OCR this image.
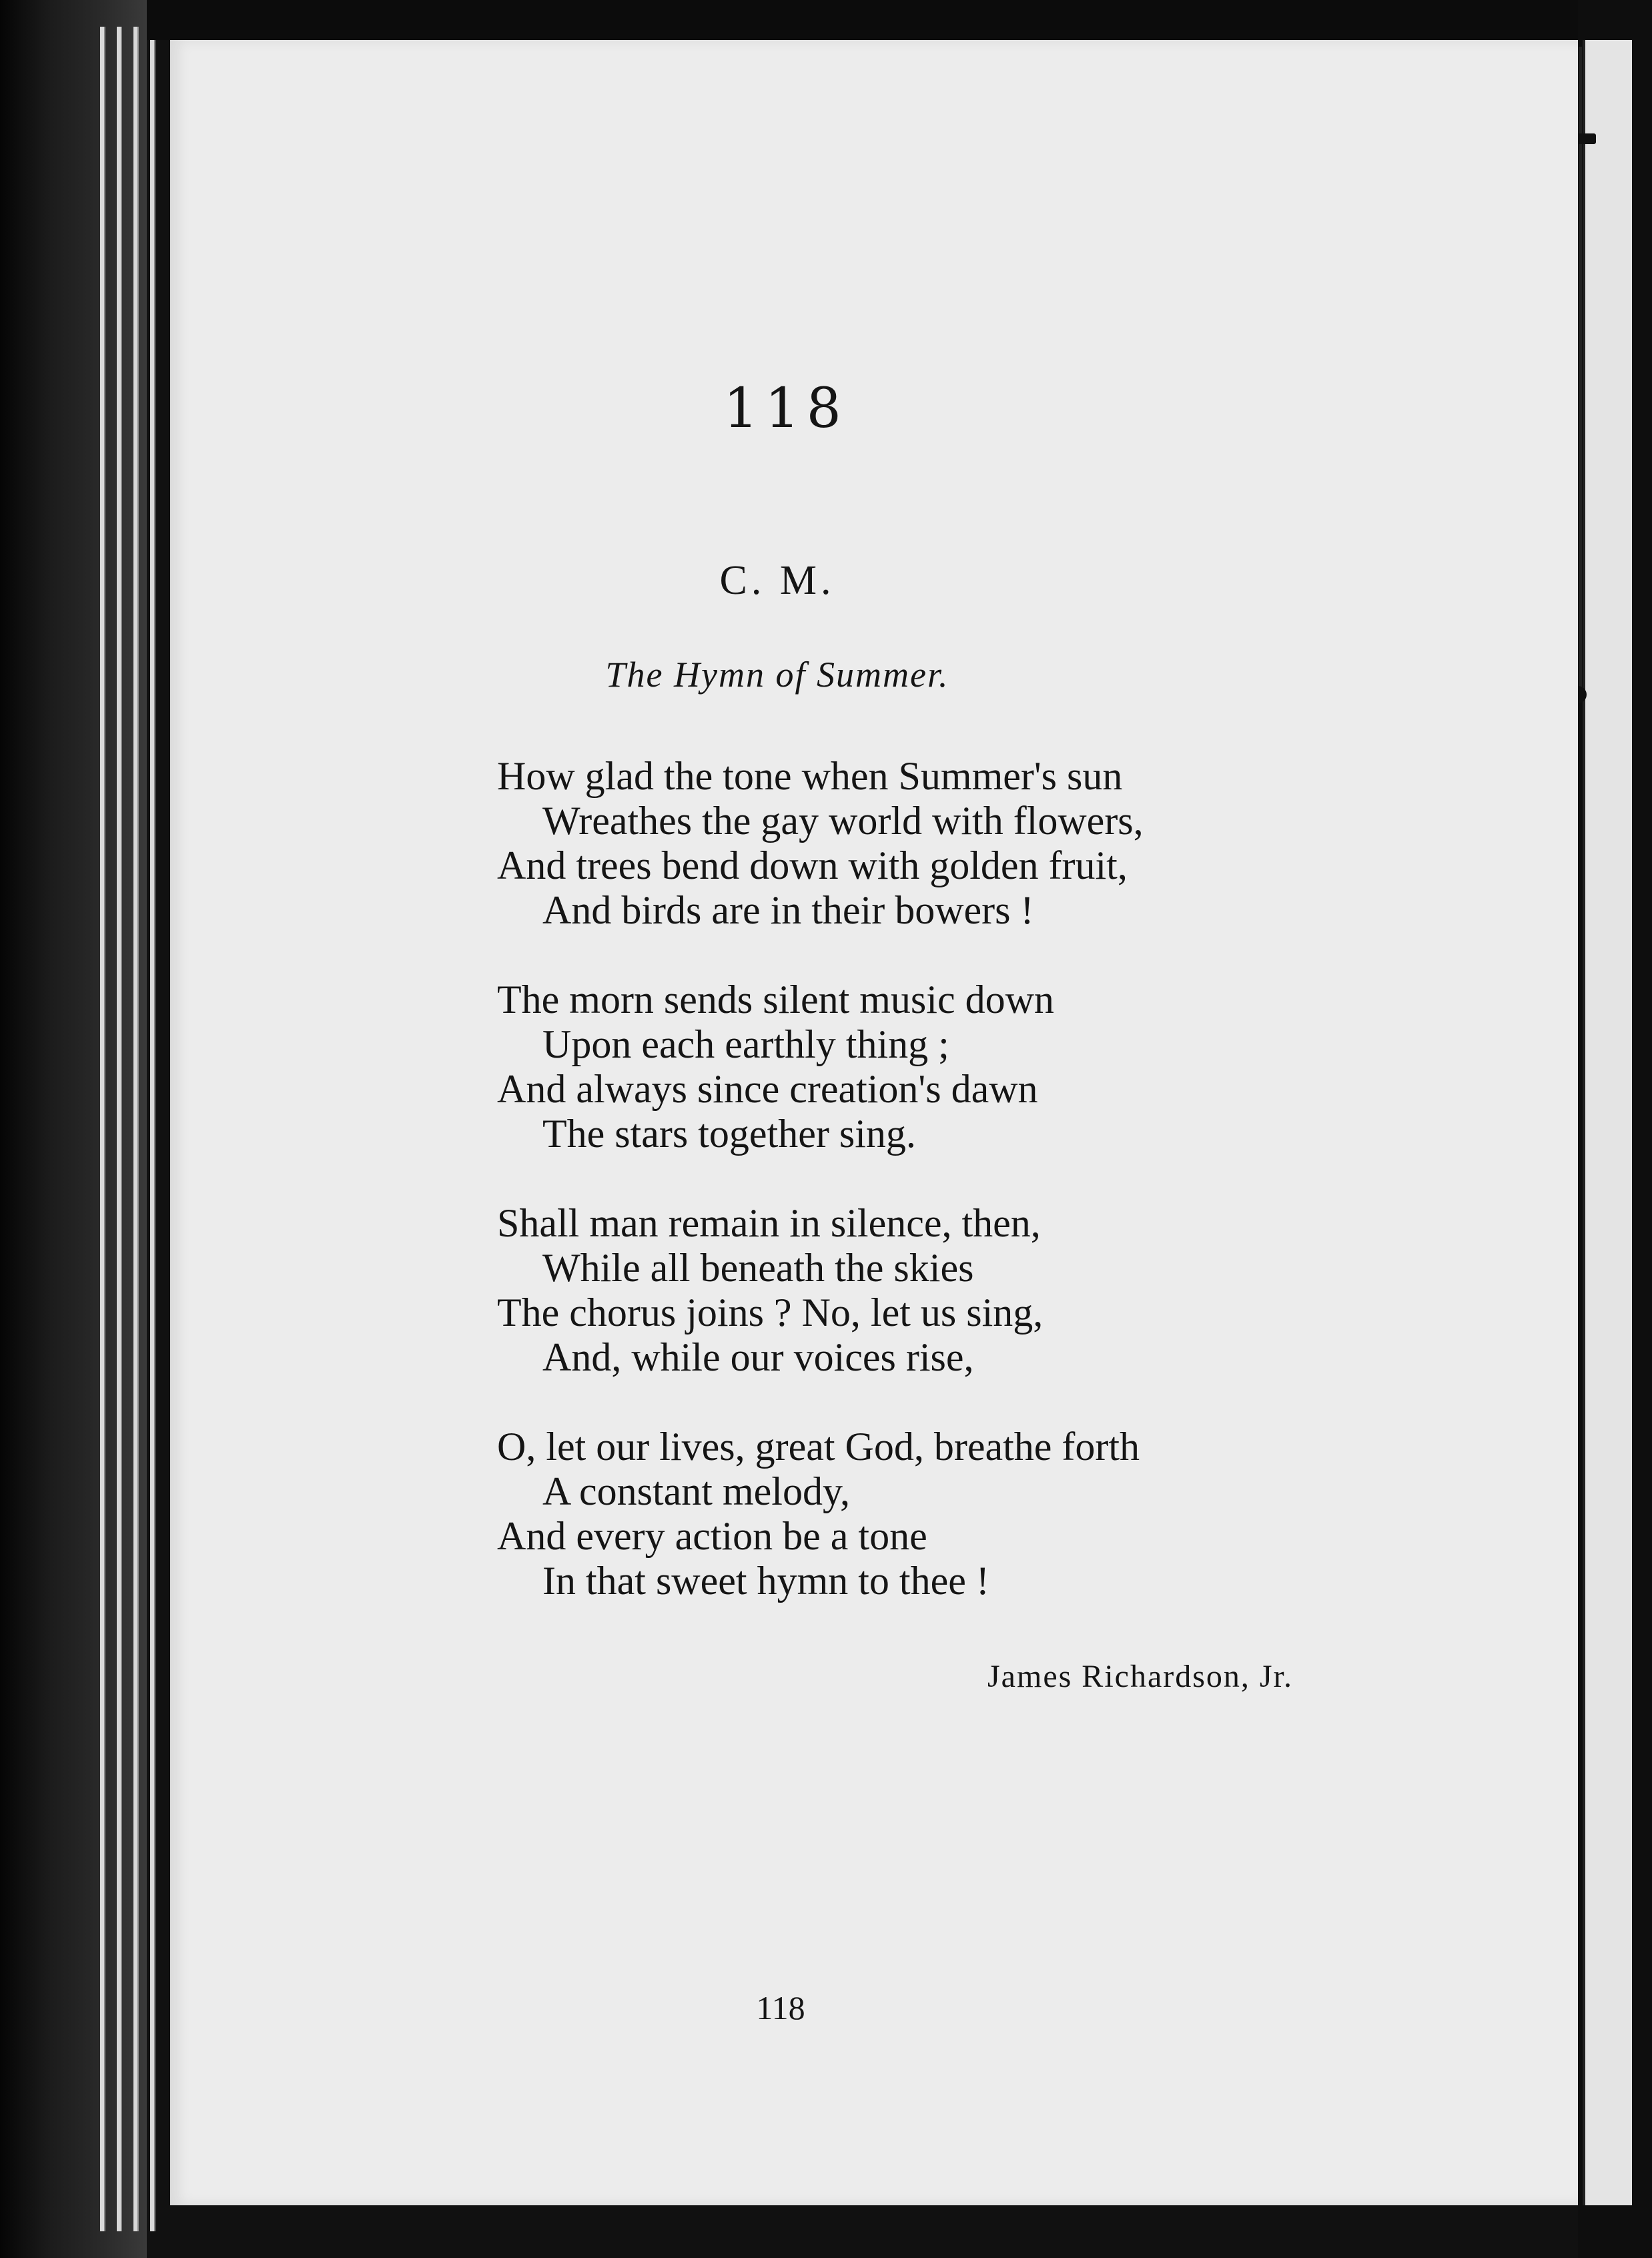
118
C. M.
The Hymn of Summer.
How glad the tone when Summer's sun
Wreathes the gay world with flowers,
And trees bend down with golden fruit,
And birds are in their bowers !
The morn sends silent music down
Upon each earthly thing ;
And always since creation's dawn
The stars together sing.
Shall man remain in silence, then,
While all beneath the skies
The chorus joins ? No, let us sing,
And, while our voices rise,
O, let our lives, great God, breathe forth
A constant melody,
And every action be a tone
In that sweet hymn to thee !
James Richardson, Jr.
118
